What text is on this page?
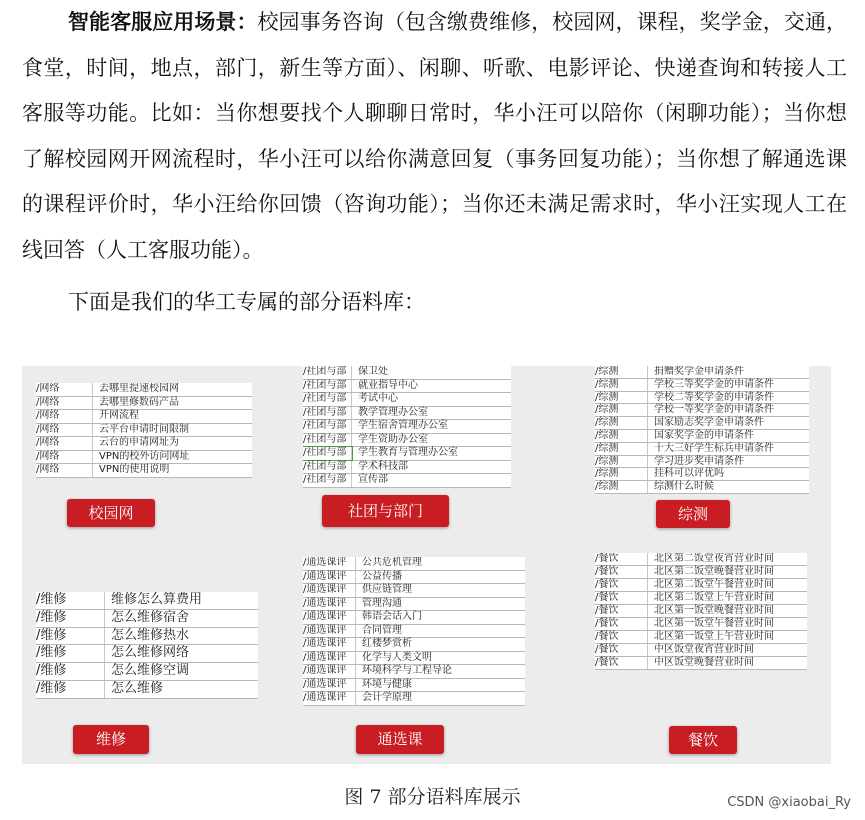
智能客服应用场景：校园事务咨询（包含缴费维修，校园网，课程，奖学金，交通，食堂，时间，地点，部门，新生等方面）、闲聊、听歌、电影评论、快递查询和转接人工客服等功能。比如：当你想要找个人聊聊日常时，华小汪可以陪你（闲聊功能）；当你想了解校园网开网流程时，华小汪可以给你满意回复（事务回复功能）；当你想了解通选课的课程评价时，华小汪给你回馈（咨询功能）；当你还未满足需求时，华小汪实现人工在线回答（人工客服功能）。

下面是我们的华工专属的部分语料库：

/网络	去哪里提速校园网
/网络	去哪里修数码产品
/网络	开网流程
/网络	云平台申请时间限制
/网络	云台的申请网址为
/网络	VPN的校外访问网址
/网络	VPN的使用说明
校园网
/社团与部	保卫处
/社团与部	就业指导中心
/社团与部	考试中心
/社团与部	教学管理办公室
/社团与部	学生宿舍管理办公室
/社团与部	学生资助办公室
/社团与部	学生教育与管理办公室
/社团与部	学术科技部
/社团与部	宣传部
社团与部门
/综测	捐赠奖学金申请条件
/综测	学校三等奖学金的申请条件
/综测	学校二等奖学金的申请条件
/综测	学校一等奖学金的申请条件
/综测	国家励志奖学金申请条件
/综测	国家奖学金的申请条件
/综测	十大三好学生标兵申请条件
/综测	学习进步奖申请条件
/综测	挂科可以评优吗
/综测	综测什么时候
综测
/维修	维修怎么算费用
/维修	怎么维修宿舍
/维修	怎么维修热水
/维修	怎么维修网络
/维修	怎么维修空调
/维修	怎么维修
维修
/通选课评	公共危机管理
/通选课评	公益传播
/通选课评	供应链管理
/通选课评	管理沟通
/通选课评	韩语会话入门
/通选课评	合同管理
/通选课评	红楼梦赏析
/通选课评	化学与人类文明
/通选课评	环境科学与工程导论
/通选课评	环境与健康
/通选课评	会计学原理
通选课
/餐饮	北区第二饭堂夜宵营业时间
/餐饮	北区第二饭堂晚餐营业时间
/餐饮	北区第二饭堂午餐营业时间
/餐饮	北区第二饭堂上午营业时间
/餐饮	北区第一饭堂晚餐营业时间
/餐饮	北区第一饭堂午餐营业时间
/餐饮	北区第一饭堂上午营业时间
/餐饮	中区饭堂夜宵营业时间
/餐饮	中区饭堂晚餐营业时间
餐饮
图 7 部分语料库展示	CSDN @xiaobai_Ry
